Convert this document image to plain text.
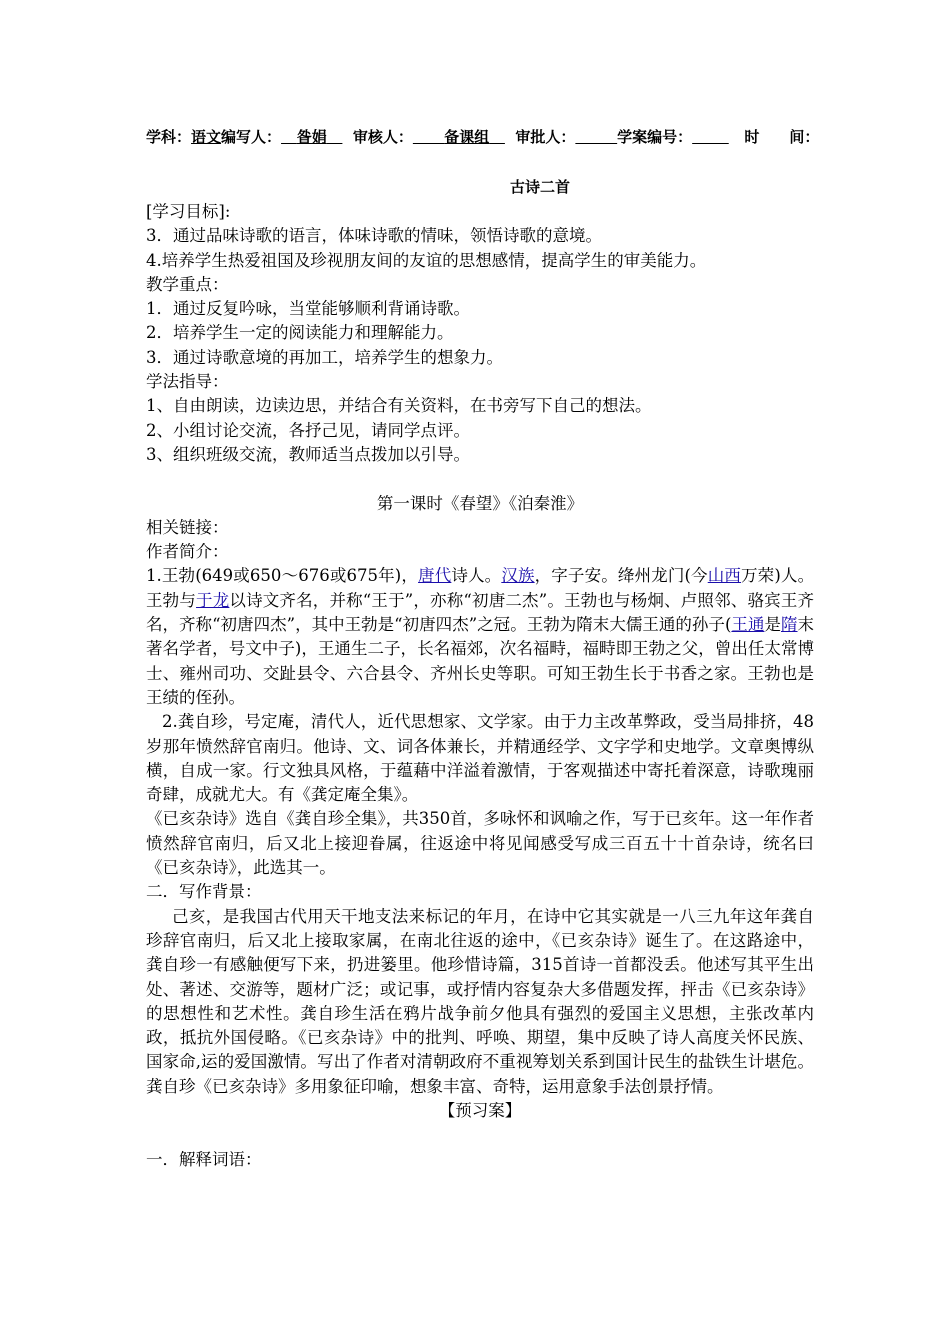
学科：语文编写人： 昝娟 审核人： 备课组 审批人：	学案编号：	时　　间：
古诗二首

[学习目标]:

3．通过品味诗歌的语言，体味诗歌的情味，领悟诗歌的意境。

4.培养学生热爱祖国及珍视朋友间的友谊的思想感情，提高学生的审美能力。

教学重点：

1．通过反复吟咏，当堂能够顺利背诵诗歌。

2．培养学生一定的阅读能力和理解能力。

3．通过诗歌意境的再加工，培养学生的想象力。

学法指导：

1、自由朗读，边读边思，并结合有关资料，在书旁写下自己的想法。

2、小组讨论交流，各抒己见，请同学点评。

3、组织班级交流，教师适当点拨加以引导。

第一课时《春望》《泊秦淮》

相关链接：

作者简介：

1.王勃(649或650～676或675年)，唐代诗人。汉族，字子安。绛州龙门(今山西万荣)人。王勃与于龙以诗文齐名，并称“王于”，亦称“初唐二杰”。王勃也与杨炯、卢照邻、骆宾王齐名，齐称“初唐四杰”，其中王勃是“初唐四杰”之冠。王勃为隋末大儒王通的孙子(王通是隋末著名学者，号文中子)，王通生二子，长名福郊，次名福畤，福畤即王勃之父，曾出任太常博士、雍州司功、交趾县令、六合县令、齐州长史等职。可知王勃生长于书香之家。王勃也是王绩的侄孙。

2.龚自珍，号定庵，清代人，近代思想家、文学家。由于力主改革弊政，受当局排挤，48岁那年愤然辞官南归。他诗、文、词各体兼长，并精通经学、文字学和史地学。文章奥博纵横，自成一家。行文独具风格，于蕴藉中洋溢着激情，于客观描述中寄托着深意，诗歌瑰丽奇肆，成就尤大。有《龚定庵全集》。

《已亥杂诗》选自《龚自珍全集》，共350首，多咏怀和讽喻之作，写于已亥年。这一年作者愤然辞官南归，后又北上接迎眷属，往返途中将见闻感受写成三百五十十首杂诗，统名曰《已亥杂诗》，此选其一。

二．写作背景：

己亥，是我国古代用天干地支法来标记的年月，在诗中它其实就是一八三九年这年龚自珍辞官南归，后又北上接取家属，在南北往返的途中，《已亥杂诗》诞生了。在这路途中，龚自珍一有感触便写下来，扔进篓里。他珍惜诗篇，315首诗一首都没丢。他述写其平生出处、著述、交游等，题材广泛；或记事，或抒情内容复杂大多借题发挥，抨击《已亥杂诗》的思想性和艺术性。龚自珍生活在鸦片战争前夕他具有强烈的爱国主义思想，主张改革内政，抵抗外国侵略。《已亥杂诗》中的批判、呼唤、期望，集中反映了诗人高度关怀民族、国家命,运的爱国激情。写出了作者对清朝政府不重视筹划关系到国计民生的盐铁生计堪危。龚自珍《已亥杂诗》多用象征印喻，想象丰富、奇特，运用意象手法创景抒情。

【预习案】

一．解释词语：
